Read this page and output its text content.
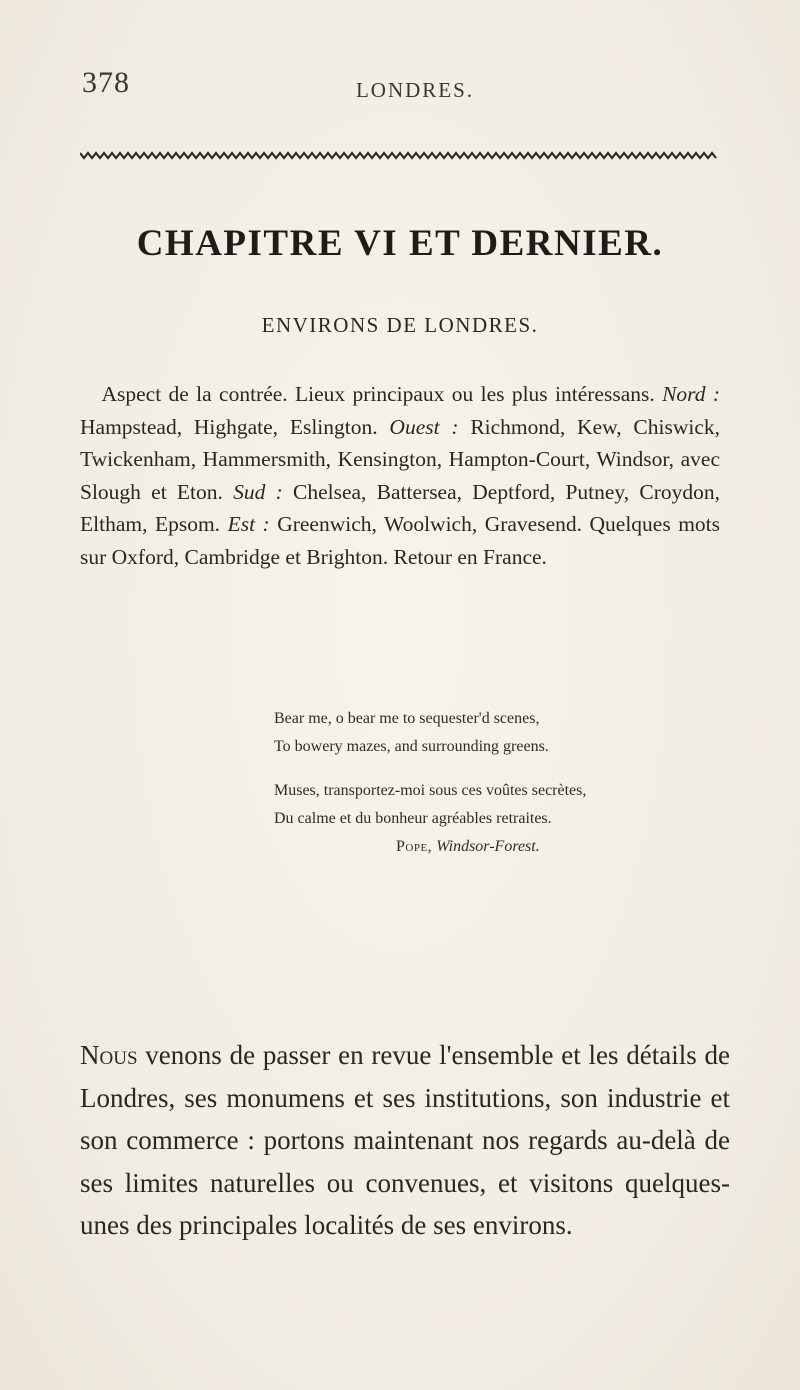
378	LONDRES.
CHAPITRE VI ET DERNIER.
ENVIRONS DE LONDRES.
Aspect de la contrée. Lieux principaux ou les plus intéressans. Nord : Hampstead, Highgate, Eslington. Ouest : Richmond, Kew, Chiswick, Twickenham, Hammersmith, Kensington, Hampton-Court, Windsor, avec Slough et Eton. Sud : Chelsea, Battersea, Deptford, Putney, Croydon, Eltham, Epsom. Est : Greenwich, Woolwich, Gravesend. Quelques mots sur Oxford, Cambridge et Brighton. Retour en France.
Bear me, o bear me to sequester'd scenes,
To bowery mazes, and surrounding greens.
Muses, transportez-moi sous ces voûtes secrètes,
Du calme et du bonheur agréables retraites.
Pope, Windsor-Forest.
Nous venons de passer en revue l'ensemble et les détails de Londres, ses monumens et ses institutions, son industrie et son commerce : portons maintenant nos regards au-delà de ses limites naturelles ou convenues, et visitons quelques-unes des principales localités de ses environs.
